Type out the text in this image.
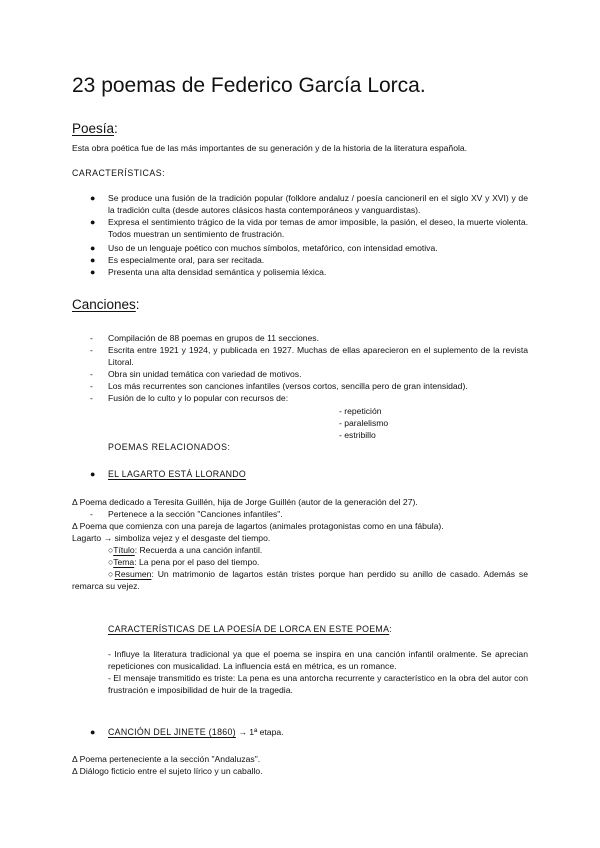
23 poemas de Federico García Lorca.
Poesía:
Esta obra poética fue de las más importantes de su generación y de la historia de la literatura española.
CARACTERÍSTICAS:
● Se produce una fusión de la tradición popular (folklore andaluz / poesía cancioneril en el siglo XV y XVI) y de la tradición culta (desde autores clásicos hasta contemporáneos y vanguardistas).
● Expresa el sentimiento trágico de la vida por temas de amor imposible, la pasión, el deseo, la muerte violenta. Todos muestran un sentimiento de frustración.
● Uso de un lenguaje poético con muchos símbolos, metafórico, con intensidad emotiva.
● Es especialmente oral, para ser recitada.
● Presenta una alta densidad semántica y polisemia léxica.
Canciones:
- Compilación de 88 poemas en grupos de 11 secciones.
- Escrita entre 1921 y 1924, y publicada en 1927. Muchas de ellas aparecieron en el suplemento de la revista Litoral.
- Obra sin unidad temática con variedad de motivos.
- Los más recurrentes son canciones infantiles (versos cortos, sencilla pero de gran intensidad).
- Fusión de lo culto y lo popular con recursos de:
- repetición
- paralelismo
- estribillo
POEMAS RELACIONADOS:
● EL LAGARTO ESTÁ LLORANDO
Δ Poema dedicado a Teresita Guillén, hija de Jorge Guillén (autor de la generación del 27).
- Pertenece a la sección "Canciones infantiles".
Δ Poema que comienza con una pareja de lagartos (animales protagonistas como en una fábula).
Lagarto → simboliza vejez y el desgaste del tiempo.
○Título: Recuerda a una canción infantil.
○Tema: La pena por el paso del tiempo.
○Resumen: Un matrimonio de lagartos están tristes porque han perdido su anillo de casado. Además se remarca su vejez.
CARACTERÍSTICAS DE LA POESÍA DE LORCA EN ESTE POEMA:
- Influye la literatura tradicional ya que el poema se inspira en una canción infantil oralmente. Se aprecian repeticiones con musicalidad. La influencia está en métrica, es un romance.
- El mensaje transmitido es triste: La pena es una antorcha recurrente y característico en la obra del autor con frustración e imposibilidad de huir de la tragedia.
● CANCIÓN DEL JINETE (1860) → 1ª etapa.
Δ Poema perteneciente a la sección "Andaluzas".
Δ Diálogo ficticio entre el sujeto lírico y un caballo.
